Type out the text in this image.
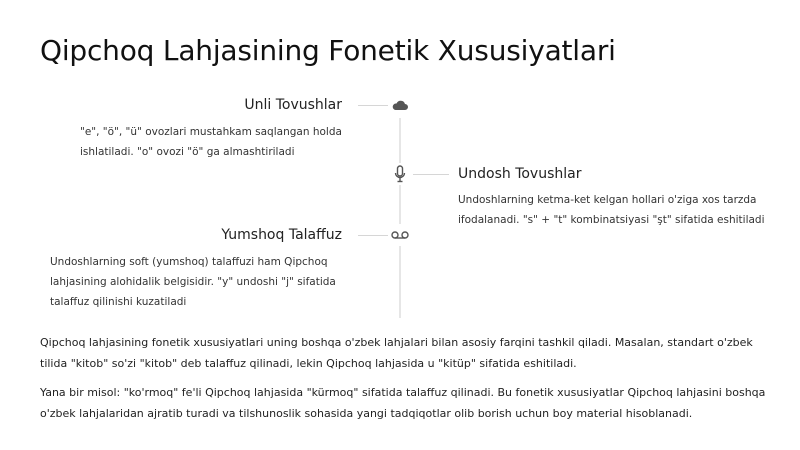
Qipchoq Lahjasining Fonetik Xususiyatlari
Unli Tovushlar
"e", "ö", "ü" ovozlari mustahkam saqlangan holda ishlatiladi. "o" ovozi "ö" ga almashtiriladi
Undosh Tovushlar
Undoshlarning ketma-ket kelgan hollari o'ziga xos tarzda ifodalanadi. "s" + "t" kombinatsiyasi "şt" sifatida eshitiladi
Yumshoq Talaffuz
Undoshlarning soft (yumshoq) talaffuzi ham Qipchoq lahjasining alohidalik belgisidir. "y" undoshi "j" sifatida talaffuz qilinishi kuzatiladi
Qipchoq lahjasining fonetik xususiyatlari uning boshqa o'zbek lahjalari bilan asosiy farqini tashkil qiladi. Masalan, standart o'zbek tilida "kitob" so'zi "kitob" deb talaffuz qilinadi, lekin Qipchoq lahjasida u "kitüp" sifatida eshitiladi.
Yana bir misol: "ko'rmoq" fe'li Qipchoq lahjasida "kürmoq" sifatida talaffuz qilinadi. Bu fonetik xususiyatlar Qipchoq lahjasini boshqa o'zbek lahjalaridan ajratib turadi va tilshunoslik sohasida yangi tadqiqotlar olib borish uchun boy material hisoblanadi.
